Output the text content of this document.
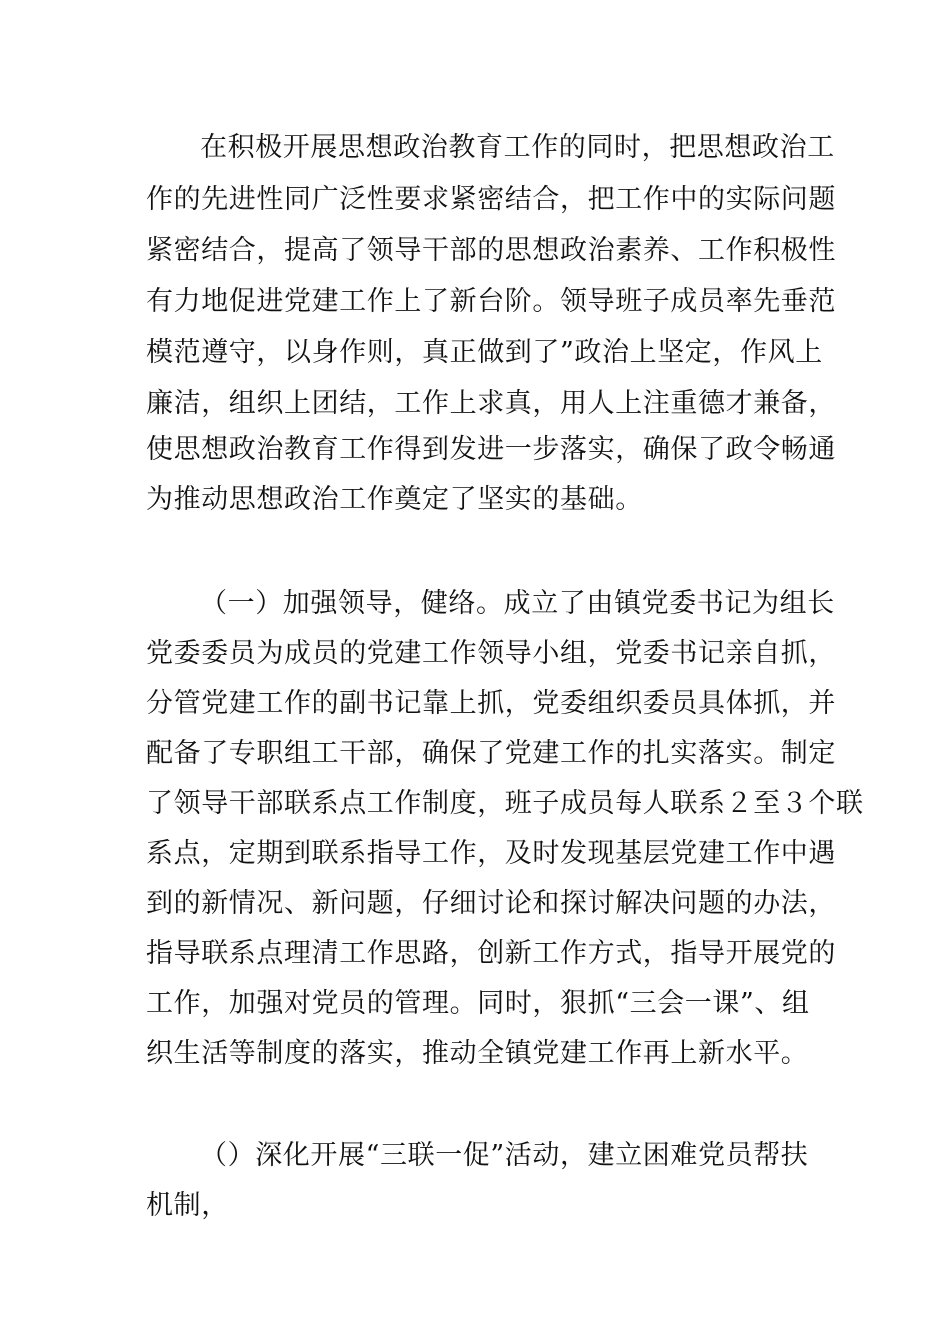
在积极开展思想政治教育工作的同时，把思想政治工
作的先进性同广泛性要求紧密结合，把工作中的实际问题
紧密结合，提高了领导干部的思想政治素养、工作积极性
有力地促进党建工作上了新台阶。领导班子成员率先垂范
模范遵守，以身作则，真正做到了”政治上坚定，作风上
廉洁，组织上团结，工作上求真，用人上注重德才兼备，
使思想政治教育工作得到发进一步落实，确保了政令畅通
为推动思想政治工作奠定了坚实的基础。
（一）加强领导，健络。成立了由镇党委书记为组长
党委委员为成员的党建工作领导小组，党委书记亲自抓，
分管党建工作的副书记靠上抓，党委组织委员具体抓，并
配备了专职组工干部，确保了党建工作的扎实落实。制定
了领导干部联系点工作制度，班子成员每人联系２至３个联
系点，定期到联系指导工作，及时发现基层党建工作中遇
到的新情况、新问题，仔细讨论和探讨解决问题的办法，
指导联系点理清工作思路，创新工作方式，指导开展党的
工作，加强对党员的管理。同时，狠抓“三会一课”、组
织生活等制度的落实，推动全镇党建工作再上新水平。
（）深化开展“三联一促”活动，建立困难党员帮扶
机制，
